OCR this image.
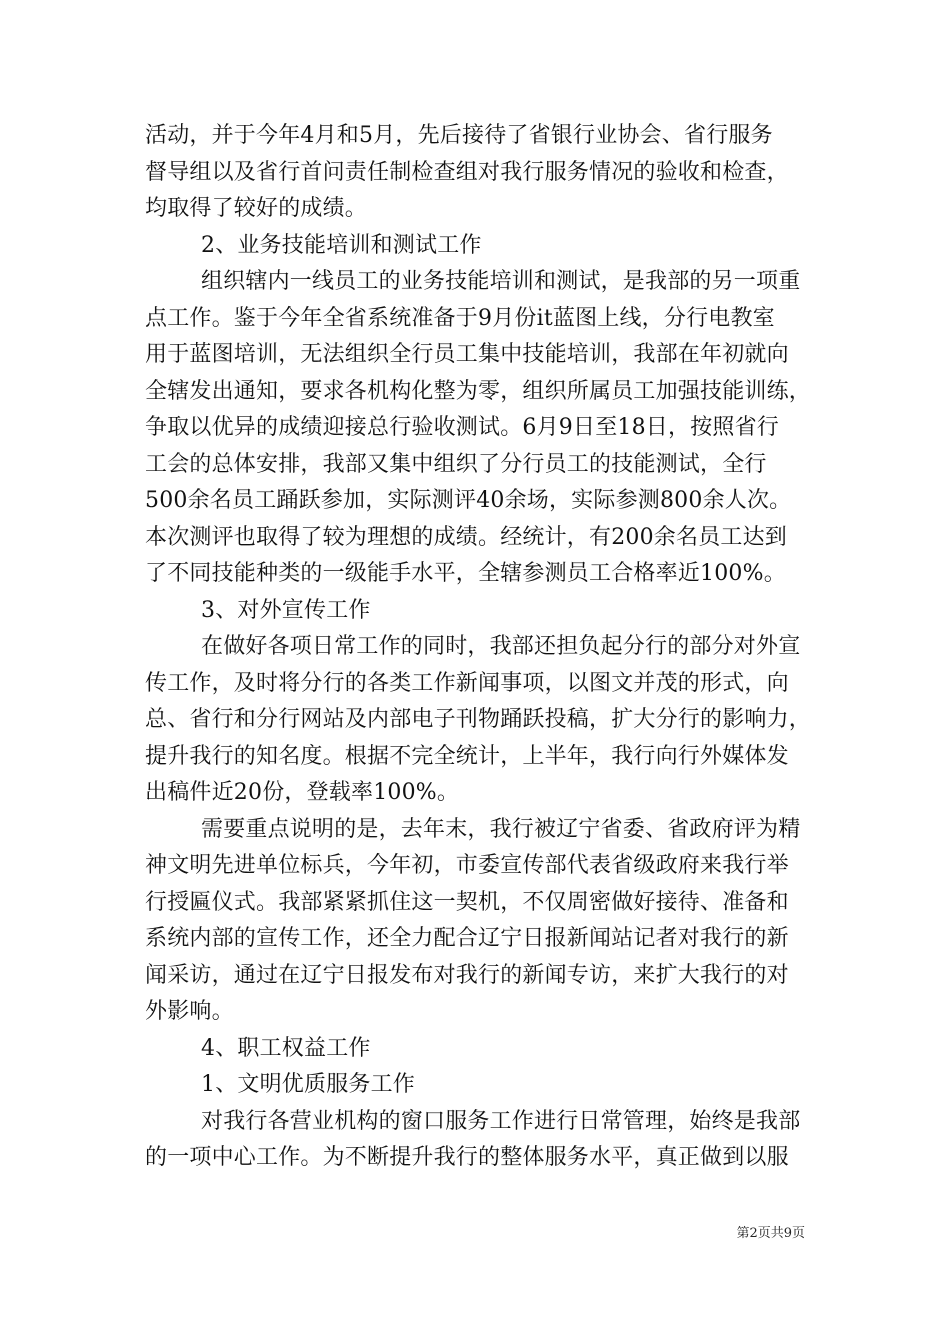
活动，并于今年4月和5月，先后接待了省银行业协会、省行服务
督导组以及省行首问责任制检查组对我行服务情况的验收和检查，
均取得了较好的成绩。
2、业务技能培训和测试工作
组织辖内一线员工的业务技能培训和测试，是我部的另一项重
点工作。鉴于今年全省系统准备于9月份it蓝图上线，分行电教室
用于蓝图培训，无法组织全行员工集中技能培训，我部在年初就向
全辖发出通知，要求各机构化整为零，组织所属员工加强技能训练，
争取以优异的成绩迎接总行验收测试。6月9日至18日，按照省行
工会的总体安排，我部又集中组织了分行员工的技能测试，全行
500余名员工踊跃参加，实际测评40余场，实际参测800余人次。
本次测评也取得了较为理想的成绩。经统计，有200余名员工达到
了不同技能种类的一级能手水平，全辖参测员工合格率近100%。
3、对外宣传工作
在做好各项日常工作的同时，我部还担负起分行的部分对外宣
传工作，及时将分行的各类工作新闻事项，以图文并茂的形式，向
总、省行和分行网站及内部电子刊物踊跃投稿，扩大分行的影响力，
提升我行的知名度。根据不完全统计，上半年，我行向行外媒体发
出稿件近20份，登载率100%。
需要重点说明的是，去年末，我行被辽宁省委、省政府评为精
神文明先进单位标兵，今年初，市委宣传部代表省级政府来我行举
行授匾仪式。我部紧紧抓住这一契机，不仅周密做好接待、准备和
系统内部的宣传工作，还全力配合辽宁日报新闻站记者对我行的新
闻采访，通过在辽宁日报发布对我行的新闻专访，来扩大我行的对
外影响。
4、职工权益工作
1、文明优质服务工作
对我行各营业机构的窗口服务工作进行日常管理，始终是我部
的一项中心工作。为不断提升我行的整体服务水平，真正做到以服
第2页共9页
